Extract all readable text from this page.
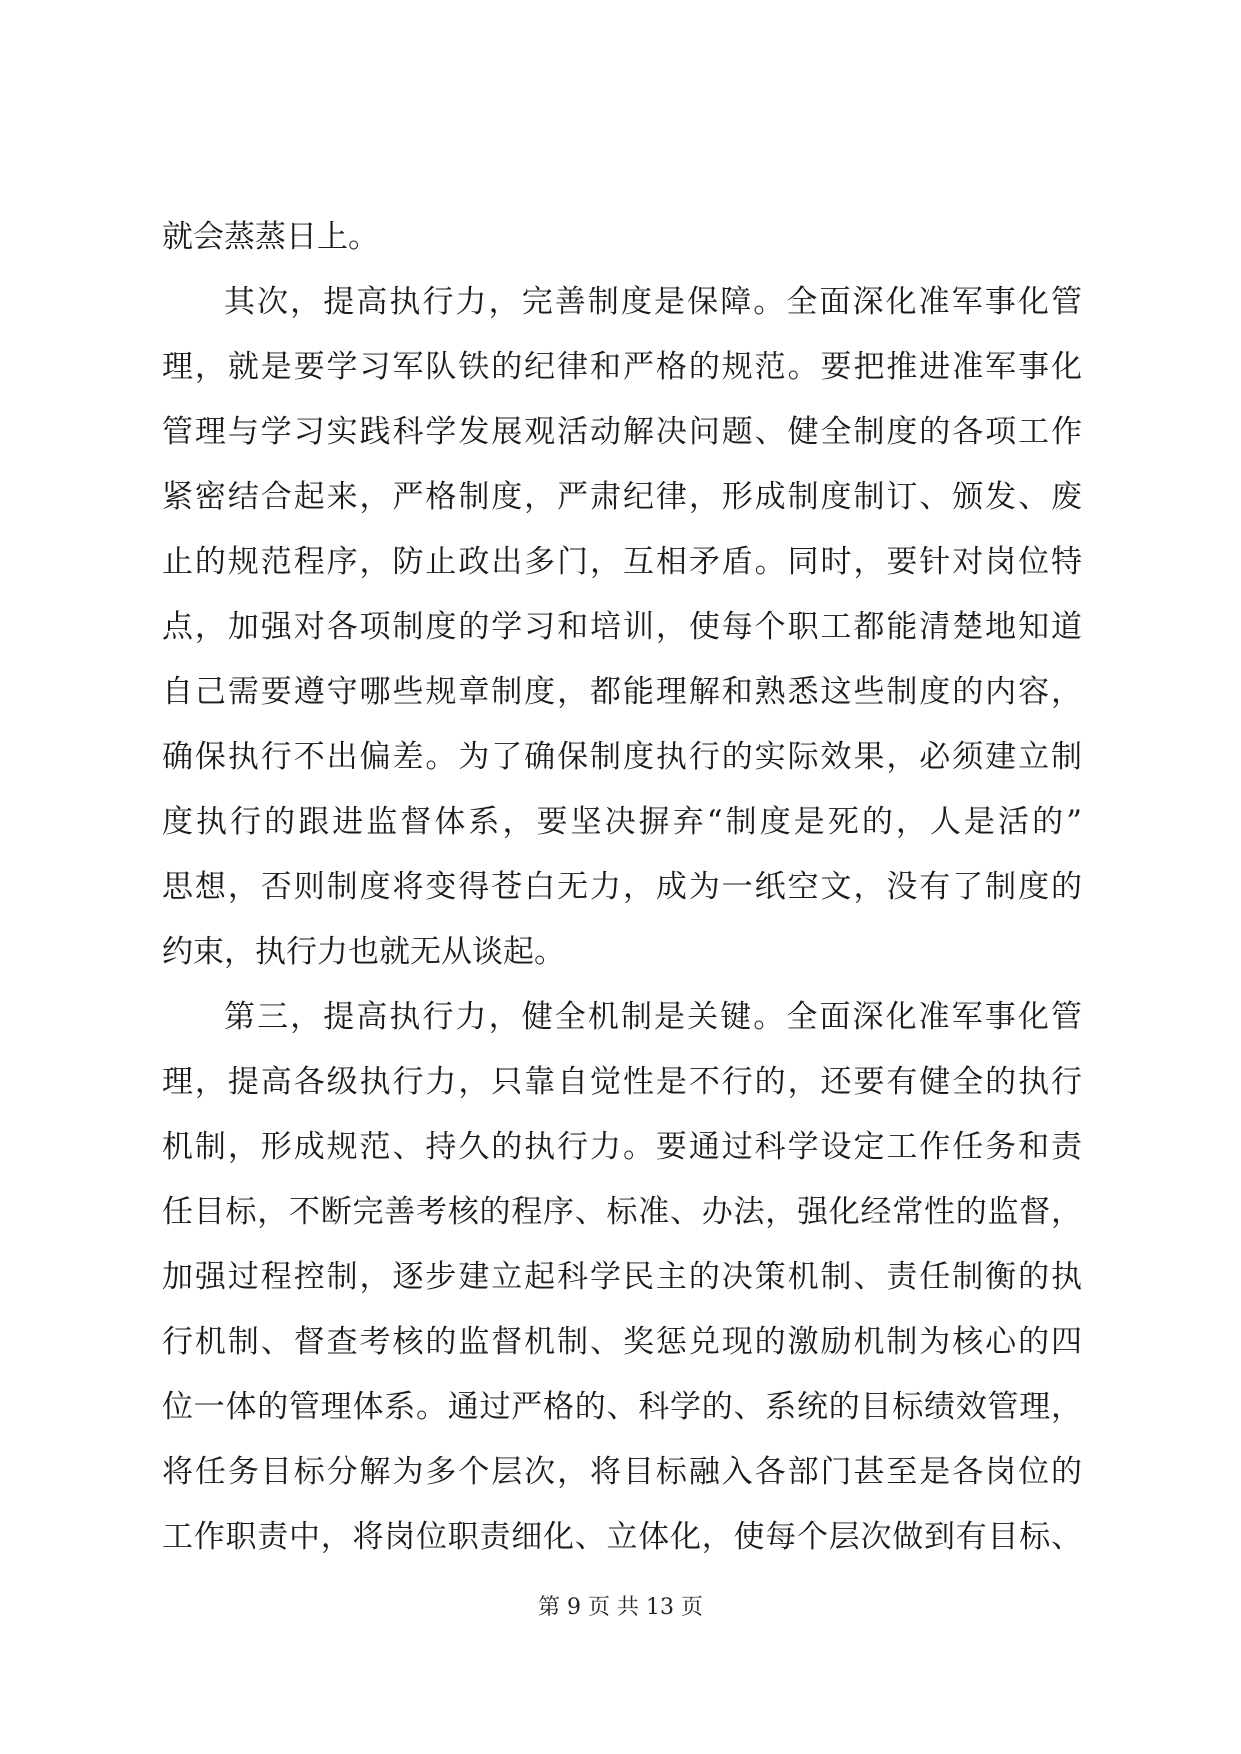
就会蒸蒸日上。
其次，提高执行力，完善制度是保障。全面深化准军事化管
理，就是要学习军队铁的纪律和严格的规范。要把推进准军事化
管理与学习实践科学发展观活动解决问题、健全制度的各项工作
紧密结合起来，严格制度，严肃纪律，形成制度制订、颁发、废
止的规范程序，防止政出多门，互相矛盾。同时，要针对岗位特
点，加强对各项制度的学习和培训，使每个职工都能清楚地知道
自己需要遵守哪些规章制度，都能理解和熟悉这些制度的内容，
确保执行不出偏差。为了确保制度执行的实际效果，必须建立制
度执行的跟进监督体系，要坚决摒弃“制度是死的，人是活的”
思想，否则制度将变得苍白无力，成为一纸空文，没有了制度的
约束，执行力也就无从谈起。
第三，提高执行力，健全机制是关键。全面深化准军事化管
理，提高各级执行力，只靠自觉性是不行的，还要有健全的执行
机制，形成规范、持久的执行力。要通过科学设定工作任务和责
任目标，不断完善考核的程序、标准、办法，强化经常性的监督，
加强过程控制，逐步建立起科学民主的决策机制、责任制衡的执
行机制、督查考核的监督机制、奖惩兑现的激励机制为核心的四
位一体的管理体系。通过严格的、科学的、系统的目标绩效管理，
将任务目标分解为多个层次，将目标融入各部门甚至是各岗位的
工作职责中，将岗位职责细化、立体化，使每个层次做到有目标、
第 9 页 共 13 页
